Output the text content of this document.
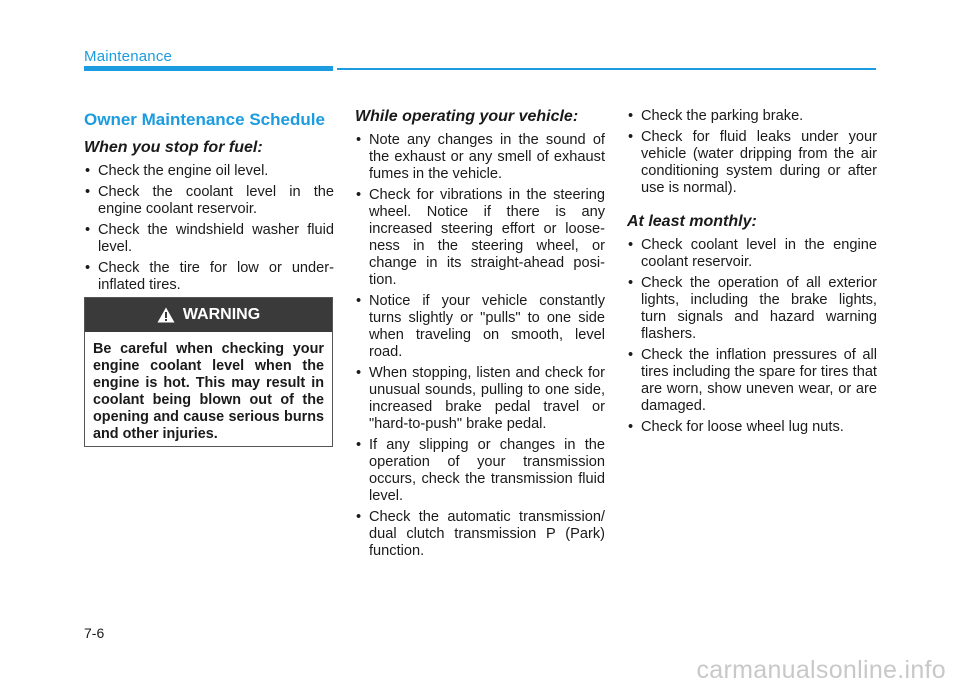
Maintenance
Owner Maintenance Schedule
When you stop for fuel:
• Check the engine oil level.
• Check the coolant level in the engine coolant reservoir.
• Check the windshield washer fluid level.
• Check the tire for low or under-inflated tires.
WARNING
Be careful when checking your engine coolant level when the engine is hot. This may result in coolant being blown out of the opening and cause serious burns and other injuries.
While operating your vehicle:
• Note any changes in the sound of the exhaust or any smell of exhaust fumes in the vehicle.
• Check for vibrations in the steering wheel. Notice if there is any increased steering effort or loose-ness in the steering wheel, or change in its straight-ahead posi-tion.
• Notice if your vehicle constantly turns slightly or "pulls" to one side when traveling on smooth, level road.
• When stopping, listen and check for unusual sounds, pulling to one side, increased brake pedal travel or "hard-to-push" brake pedal.
• If any slipping or changes in the operation of your transmission occurs, check the transmission fluid level.
• Check the automatic transmission/ dual clutch transmission P (Park) function.
• Check the parking brake.
• Check for fluid leaks under your vehicle (water dripping from the air conditioning system during or after use is normal).
At least monthly:
• Check coolant level in the engine coolant reservoir.
• Check the operation of all exterior lights, including the brake lights, turn signals and hazard warning flashers.
• Check the inflation pressures of all tires including the spare for tires that are worn, show uneven wear, or are damaged.
• Check for loose wheel lug nuts.
7-6
carmanualsonline.info
